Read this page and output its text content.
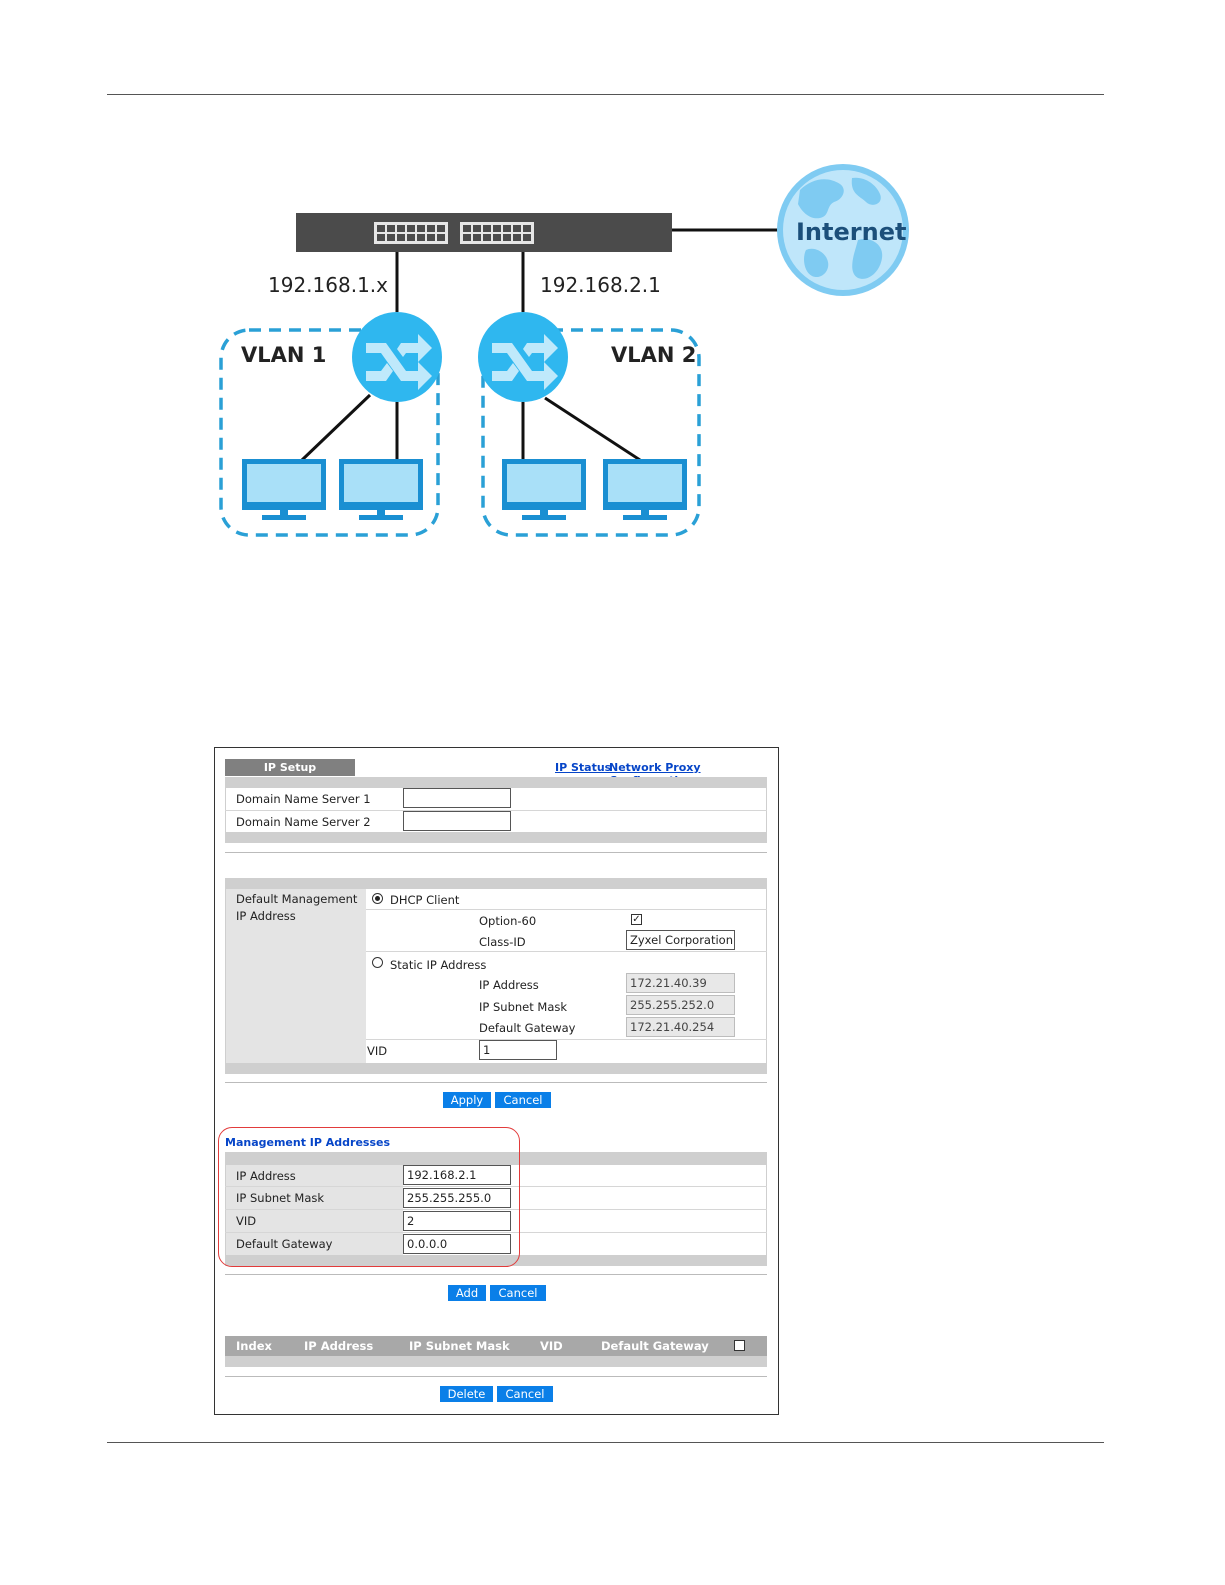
192.168.1.x	192.168.2.1
VLAN 1	VLAN 2
Internet
IP Setup	IP Status
Network Proxy
Domain Name Server 1
Domain Name Server 2
Default Management
IP Address
DHCP Client
Option-60	✓
Class-ID	Zyxel Corporation
Static IP Address
IP Address	172.21.40.39
IP Subnet Mask	255.255.252.0
Default Gateway	172.21.40.254
VID	1
Apply	Cancel
Management IP Addresses
IP Address	192.168.2.1
IP Subnet Mask	255.255.255.0
VID	2
Default Gateway	0.0.0.0
Add	Cancel
Index	IP Address	IP Subnet Mask	VID	Default Gateway
Delete	Cancel
